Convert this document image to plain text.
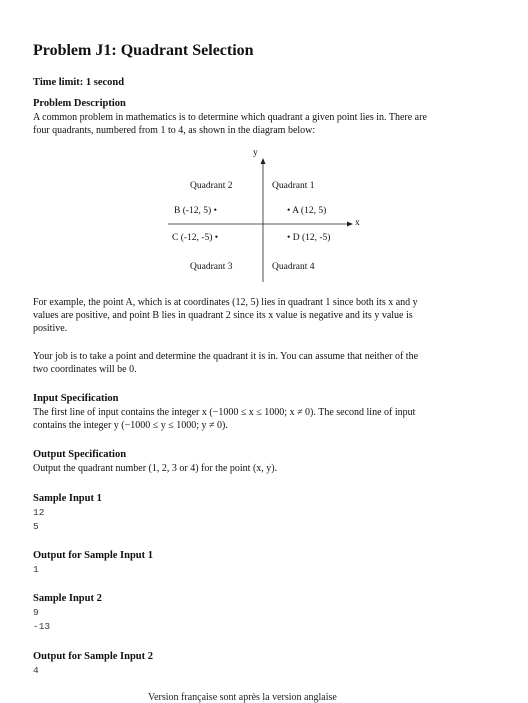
Problem J1: Quadrant Selection
Time limit: 1 second
Problem Description
A common problem in mathematics is to determine which quadrant a given point lies in. There are
four quadrants, numbered from 1 to 4, as shown in the diagram below:
y
x
Quadrant 2	Quadrant 1
B (-12, 5) •	• A (12, 5)
C (-12, -5) •	• D (12, -5)
Quadrant 3	Quadrant 4
For example, the point A, which is at coordinates (12, 5) lies in quadrant 1 since both its x and y
values are positive, and point B lies in quadrant 2 since its x value is negative and its y value is
positive.
Your job is to take a point and determine the quadrant it is in. You can assume that neither of the
two coordinates will be 0.
Input Specification
The first line of input contains the integer x (−1000 ≤ x ≤ 1000; x ≠ 0). The second line of input
contains the integer y (−1000 ≤ y ≤ 1000; y ≠ 0).
Output Specification
Output the quadrant number (1, 2, 3 or 4) for the point (x, y).
Sample Input 1
12
5
Output for Sample Input 1
1
Sample Input 2
9
-13
Output for Sample Input 2
4
Version française sont après la version anglaise
